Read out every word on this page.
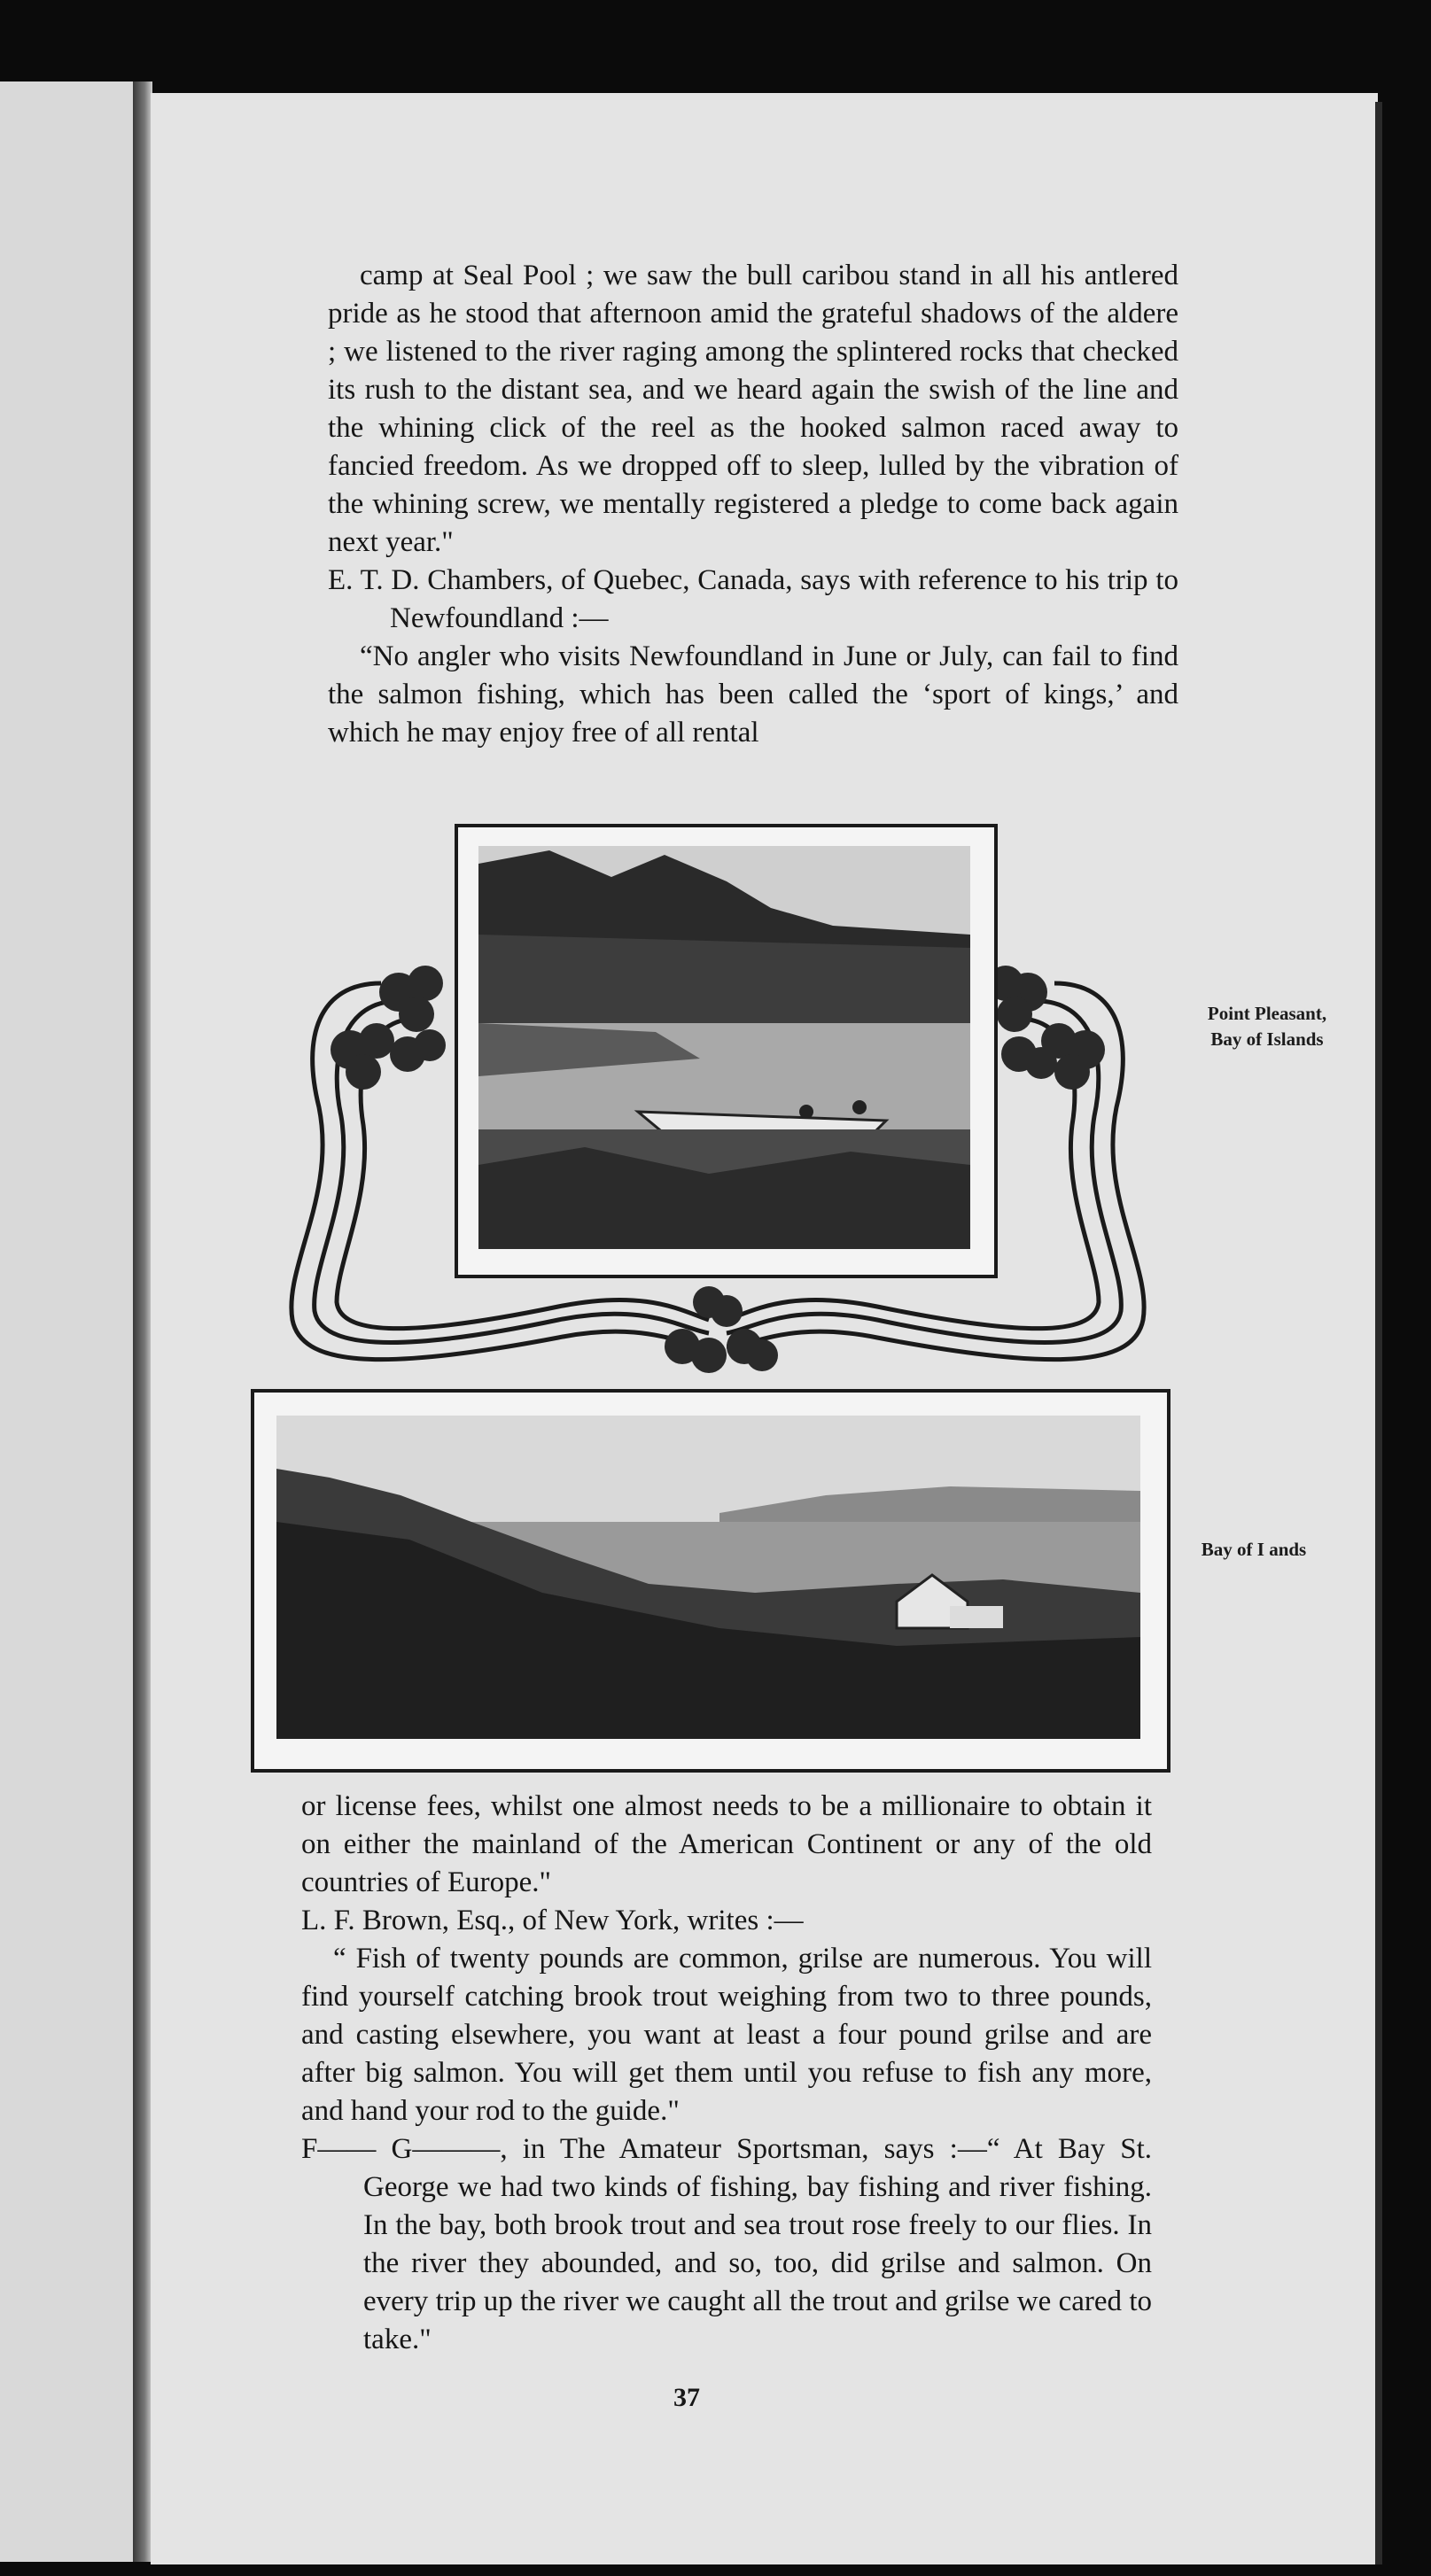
camp at Seal Pool ; we saw the bull caribou stand in all his antlered pride as he stood that afternoon amid the grateful shadows of the aldere ; we listened to the river raging among the splintered rocks that checked its rush to the distant sea, and we heard again the swish of the line and the whining click of the reel as the hooked salmon raced away to fancied freedom. As we dropped off to sleep, lulled by the vibration of the whining screw, we mentally registered a pledge to come back again next year."

E. T. D. Chambers, of Quebec, Canada, says with reference to his trip to Newfoundland :—

“No angler who visits Newfoundland in June or July, can fail to find the salmon fishing, which has been called the ‘sport of kings,’ and which he may enjoy free of all rental

Point Pleasant, Bay of Islands
Bay of I ands

or license fees, whilst one almost needs to be a millionaire to obtain it on either the mainland of the American Continent or any of the old countries of Europe."

L. F. Brown, Esq., of New York, writes :—

“ Fish of twenty pounds are common, grilse are numerous. You will find yourself catching brook trout weighing from two to three pounds, and casting elsewhere, you want at least a four pound grilse and are after big salmon. You will get them until you refuse to fish any more, and hand your rod to the guide."

F—— G———, in The Amateur Sportsman, says :—“ At Bay St. George we had two kinds of fishing, bay fishing and river fishing. In the bay, both brook trout and sea trout rose freely to our flies. In the river they abounded, and so, too, did grilse and salmon. On every trip up the river we caught all the trout and grilse we cared to take."

37
